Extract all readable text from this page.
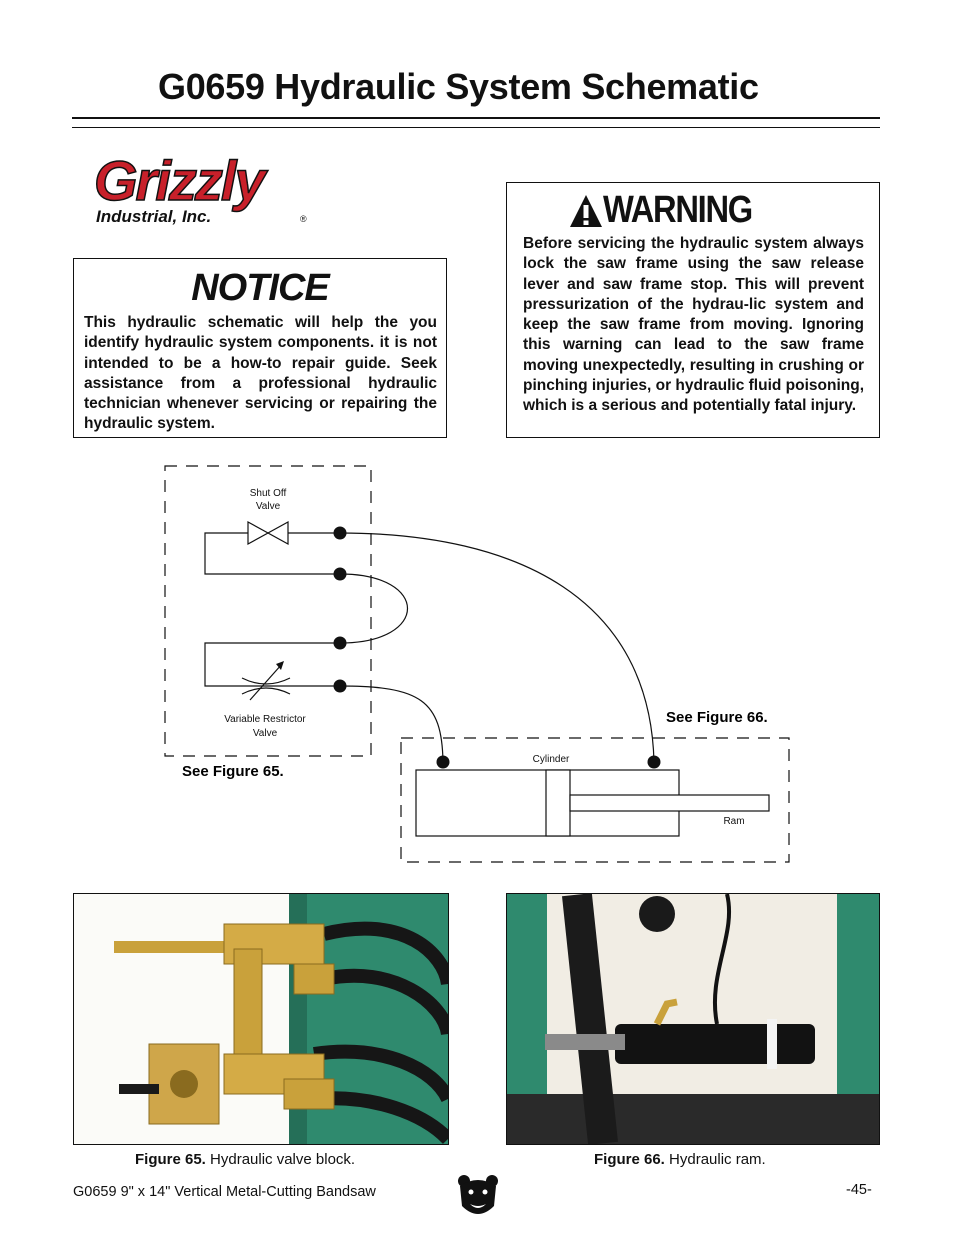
G0659 Hydraulic System Schematic
Grizzly
Industrial, Inc.	®
NOTICE
This hydraulic schematic will help the you identify hydraulic system components. it is not intended to be a how-to repair guide. Seek assistance from a professional hydraulic technician whenever servicing or repairing the hydraulic system.
WARNING
Before servicing the hydraulic system always lock the saw frame using the saw release lever and saw frame stop. This will prevent pressurization of the hydrau-lic system and keep the saw frame from moving. Ignoring this warning can lead to the saw frame moving unexpectedly, resulting in crushing or pinching injuries, or hydraulic fluid poisoning, which is a serious and potentially fatal injury.
Shut Off
Valve
Variable Restrictor
Valve
Cylinder
Ram
See Figure 65.
See Figure 66.
Figure 65. Hydraulic valve block.	Figure 66. Hydraulic ram.
G0659 9" x 14" Vertical Metal-Cutting Bandsaw	-45-
